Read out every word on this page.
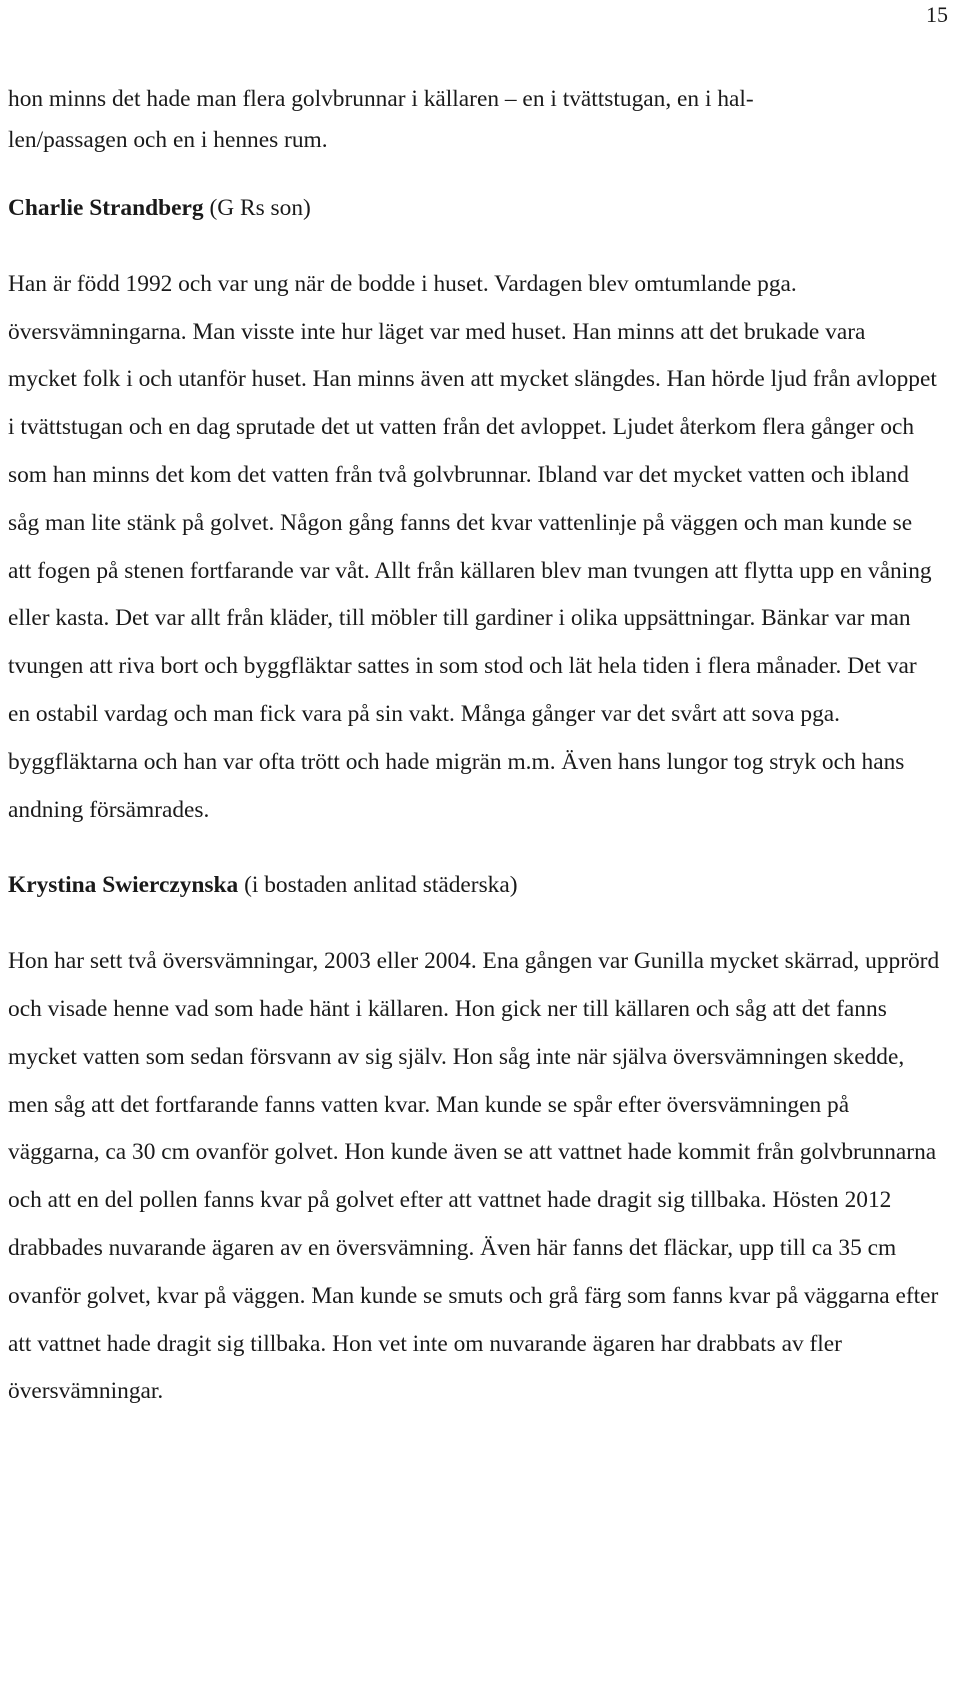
15

hon minns det hade man flera golvbrunnar i källaren – en i tvättstugan, en i hal-
len/passagen och en i hennes rum.

Charlie Strandberg (G Rs son)

Han är född 1992 och var ung när de bodde i huset. Vardagen blev omtumlande pga. översvämningarna. Man visste inte hur läget var med huset. Han minns att det brukade vara mycket folk i och utanför huset. Han minns även att mycket slängdes. Han hörde ljud från avloppet i tvättstugan och en dag sprutade det ut vatten från det avloppet. Ljudet återkom flera gånger och som han minns det kom det vatten från två golvbrunnar. Ibland var det mycket vatten och ibland såg man lite stänk på golvet. Någon gång fanns det kvar vattenlinje på väggen och man kunde se att fogen på stenen fortfarande var våt. Allt från källaren blev man tvungen att flytta upp en våning eller kasta. Det var allt från kläder, till möbler till gardiner i olika uppsättningar. Bänkar var man tvungen att riva bort och byggfläktar sattes in som stod och lät hela tiden i flera månader. Det var en ostabil vardag och man fick vara på sin vakt. Många gånger var det svårt att sova pga. byggfläktarna och han var ofta trött och hade migrän m.m. Även hans lungor tog stryk och hans andning försämrades.

Krystina Swierczynska (i bostaden anlitad städerska)

Hon har sett två översvämningar, 2003 eller 2004. Ena gången var Gunilla mycket skärrad, upprörd och visade henne vad som hade hänt i källaren. Hon gick ner till källaren och såg att det fanns mycket vatten som sedan försvann av sig själv. Hon såg inte när själva översvämningen skedde, men såg att det fortfarande fanns vatten kvar. Man kunde se spår efter översvämningen på väggarna, ca 30 cm ovanför golvet. Hon kunde även se att vattnet hade kommit från golvbrunnarna och att en del pollen fanns kvar på golvet efter att vattnet hade dragit sig tillbaka. Hösten 2012 drabbades nuvarande ägaren av en översvämning. Även här fanns det fläckar, upp till ca 35 cm ovanför golvet, kvar på väggen. Man kunde se smuts och grå färg som fanns kvar på väggarna efter att vattnet hade dragit sig tillbaka. Hon vet inte om nuvarande ägaren har drabbats av fler översvämningar.
